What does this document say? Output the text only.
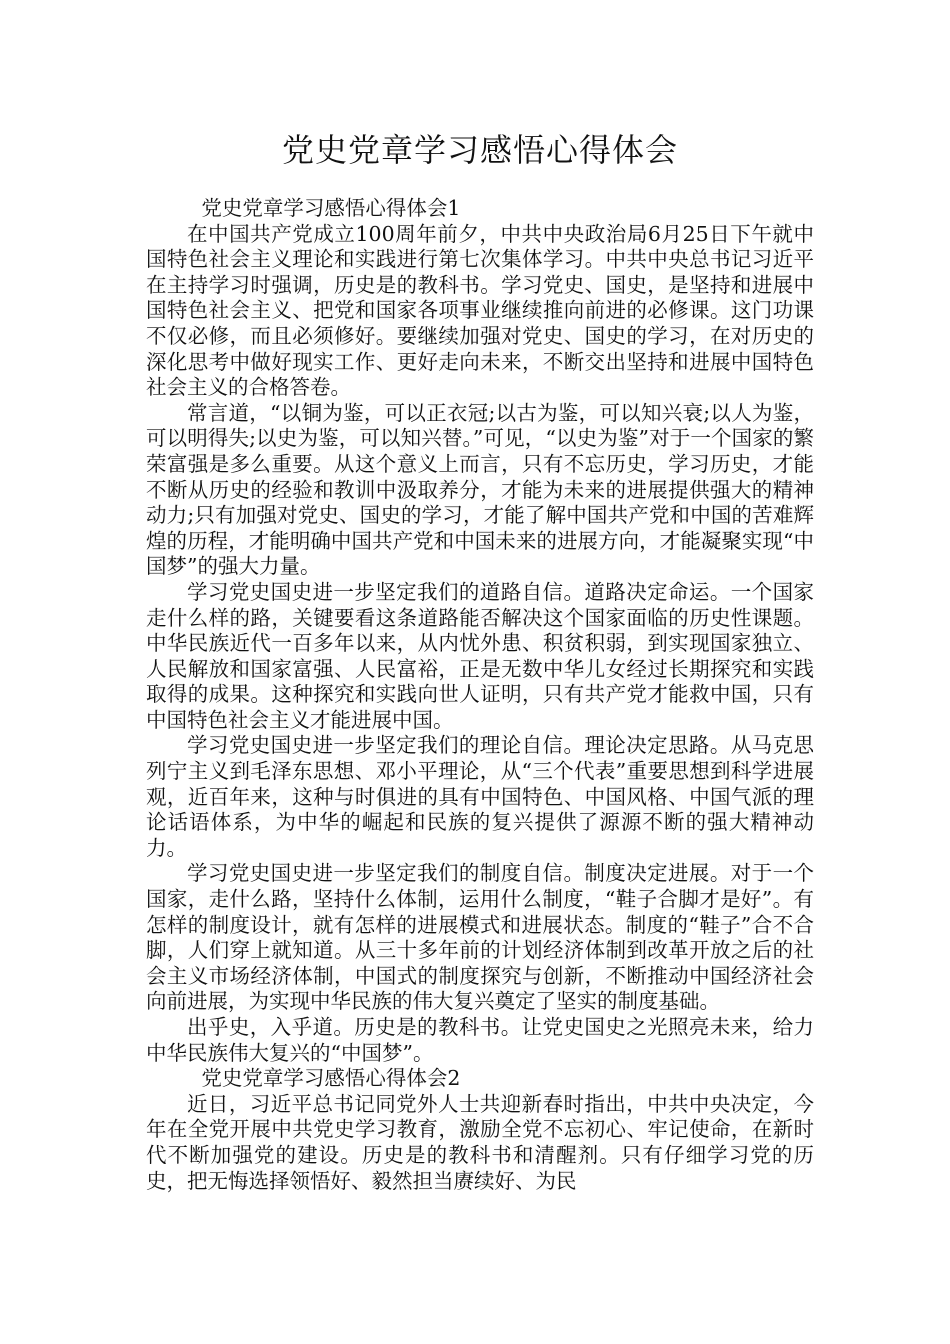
党史党章学习感悟心得体会

党史党章学习感悟心得体会1

在中国共产党成立100周年前夕，中共中央政治局6月25日下午就中国特色社会主义理论和实践进行第七次集体学习。中共中央总书记习近平在主持学习时强调，历史是的教科书。学习党史、国史，是坚持和进展中国特色社会主义、把党和国家各项事业继续推向前进的必修课。这门功课不仅必修，而且必须修好。要继续加强对党史、国史的学习，在对历史的深化思考中做好现实工作、更好走向未来，不断交出坚持和进展中国特色社会主义的合格答卷。

常言道，“以铜为鉴，可以正衣冠;以古为鉴，可以知兴衰;以人为鉴，可以明得失;以史为鉴，可以知兴替。”可见，“以史为鉴”对于一个国家的繁荣富强是多么重要。从这个意义上而言，只有不忘历史，学习历史，才能不断从历史的经验和教训中汲取养分，才能为未来的进展提供强大的精神动力;只有加强对党史、国史的学习，才能了解中国共产党和中国的苦难辉煌的历程，才能明确中国共产党和中国未来的进展方向，才能凝聚实现“中国梦”的强大力量。

学习党史国史进一步坚定我们的道路自信。道路决定命运。一个国家走什么样的路，关键要看这条道路能否解决这个国家面临的历史性课题。中华民族近代一百多年以来，从内忧外患、积贫积弱，到实现国家独立、人民解放和国家富强、人民富裕，正是无数中华儿女经过长期探究和实践取得的成果。这种探究和实践向世人证明，只有共产党才能救中国，只有中国特色社会主义才能进展中国。

学习党史国史进一步坚定我们的理论自信。理论决定思路。从马克思列宁主义到毛泽东思想、邓小平理论，从“三个代表”重要思想到科学进展观，近百年来，这种与时俱进的具有中国特色、中国风格、中国气派的理论话语体系，为中华的崛起和民族的复兴提供了源源不断的强大精神动力。

学习党史国史进一步坚定我们的制度自信。制度决定进展。对于一个国家，走什么路，坚持什么体制，运用什么制度，“鞋子合脚才是好”。有怎样的制度设计，就有怎样的进展模式和进展状态。制度的“鞋子”合不合脚，人们穿上就知道。从三十多年前的计划经济体制到改革开放之后的社会主义市场经济体制，中国式的制度探究与创新，不断推动中国经济社会向前进展，为实现中华民族的伟大复兴奠定了坚实的制度基础。

出乎史，入乎道。历史是的教科书。让党史国史之光照亮未来，给力中华民族伟大复兴的“中国梦”。

党史党章学习感悟心得体会2

近日，习近平总书记同党外人士共迎新春时指出，中共中央决定，今年在全党开展中共党史学习教育，激励全党不忘初心、牢记使命，在新时代不断加强党的建设。历史是的教科书和清醒剂。只有仔细学习党的历史，把无悔选择领悟好、毅然担当赓续好、为民
